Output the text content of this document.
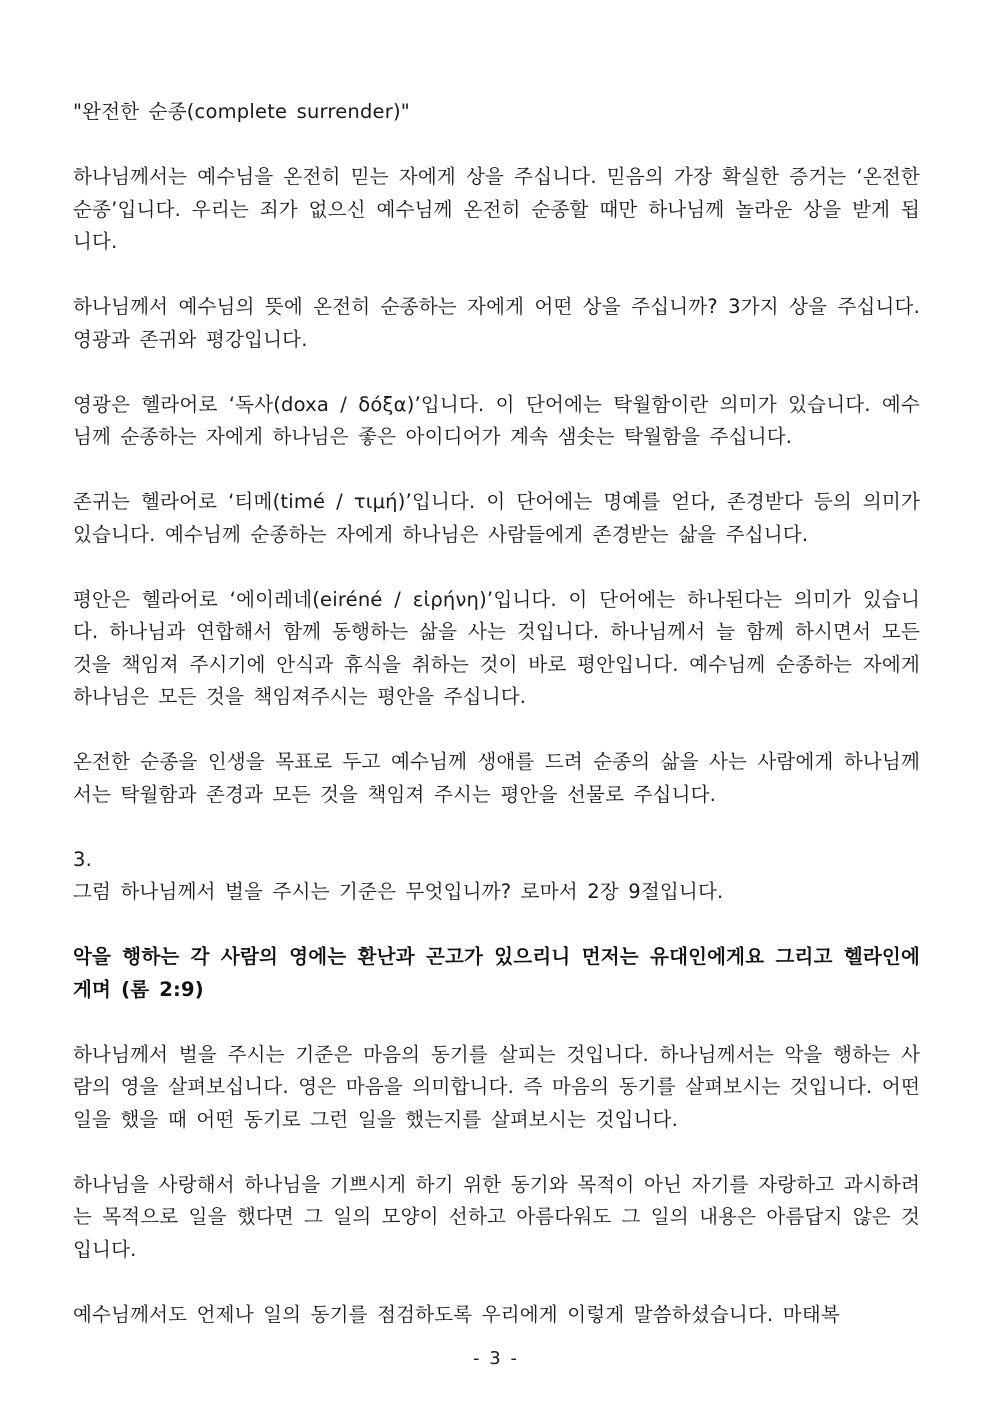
"완전한 순종(complete surrender)"

하나님께서는 예수님을 온전히 믿는 자에게 상을 주십니다. 믿음의 가장 확실한 증거는 ‘온전한 순종’입니다. 우리는 죄가 없으신 예수님께 온전히 순종할 때만 하나님께 놀라운 상을 받게 됩니다.

하나님께서 예수님의 뜻에 온전히 순종하는 자에게 어떤 상을 주십니까? 3가지 상을 주십니다. 영광과 존귀와 평강입니다.

영광은 헬라어로 ‘독사(doxa / δόξα)’입니다. 이 단어에는 탁월함이란 의미가 있습니다. 예수님께 순종하는 자에게 하나님은 좋은 아이디어가 계속 샘솟는 탁월함을 주십니다.

존귀는 헬라어로 ‘티메(timé / τιμή)’입니다. 이 단어에는 명예를 얻다, 존경받다 등의 의미가 있습니다. 예수님께 순종하는 자에게 하나님은 사람들에게 존경받는 삶을 주십니다.

평안은 헬라어로 ‘에이레네(eiréné / εἰρήνη)’입니다. 이 단어에는 하나된다는 의미가 있습니다. 하나님과 연합해서 함께 동행하는 삶을 사는 것입니다. 하나님께서 늘 함께 하시면서 모든 것을 책임져 주시기에 안식과 휴식을 취하는 것이 바로 평안입니다. 예수님께 순종하는 자에게 하나님은 모든 것을 책임져주시는 평안을 주십니다.

온전한 순종을 인생을 목표로 두고 예수님께 생애를 드려 순종의 삶을 사는 사람에게 하나님께서는 탁월함과 존경과 모든 것을 책임져 주시는 평안을 선물로 주십니다.

3.

그럼 하나님께서 벌을 주시는 기준은 무엇입니까? 로마서 2장 9절입니다.

악을 행하는 각 사람의 영에는 환난과 곤고가 있으리니 먼저는 유대인에게요 그리고 헬라인에게며 (롬 2:9)

하나님께서 벌을 주시는 기준은 마음의 동기를 살피는 것입니다. 하나님께서는 악을 행하는 사람의 영을 살펴보십니다. 영은 마음을 의미합니다. 즉 마음의 동기를 살펴보시는 것입니다. 어떤 일을 했을 때 어떤 동기로 그런 일을 했는지를 살펴보시는 것입니다.

하나님을 사랑해서 하나님을 기쁘시게 하기 위한 동기와 목적이 아닌 자기를 자랑하고 과시하려는 목적으로 일을 했다면 그 일의 모양이 선하고 아름다워도 그 일의 내용은 아름답지 않은 것입니다.

예수님께서도 언제나 일의 동기를 점검하도록 우리에게 이렇게 말씀하셨습니다. 마태복

- 3 -
